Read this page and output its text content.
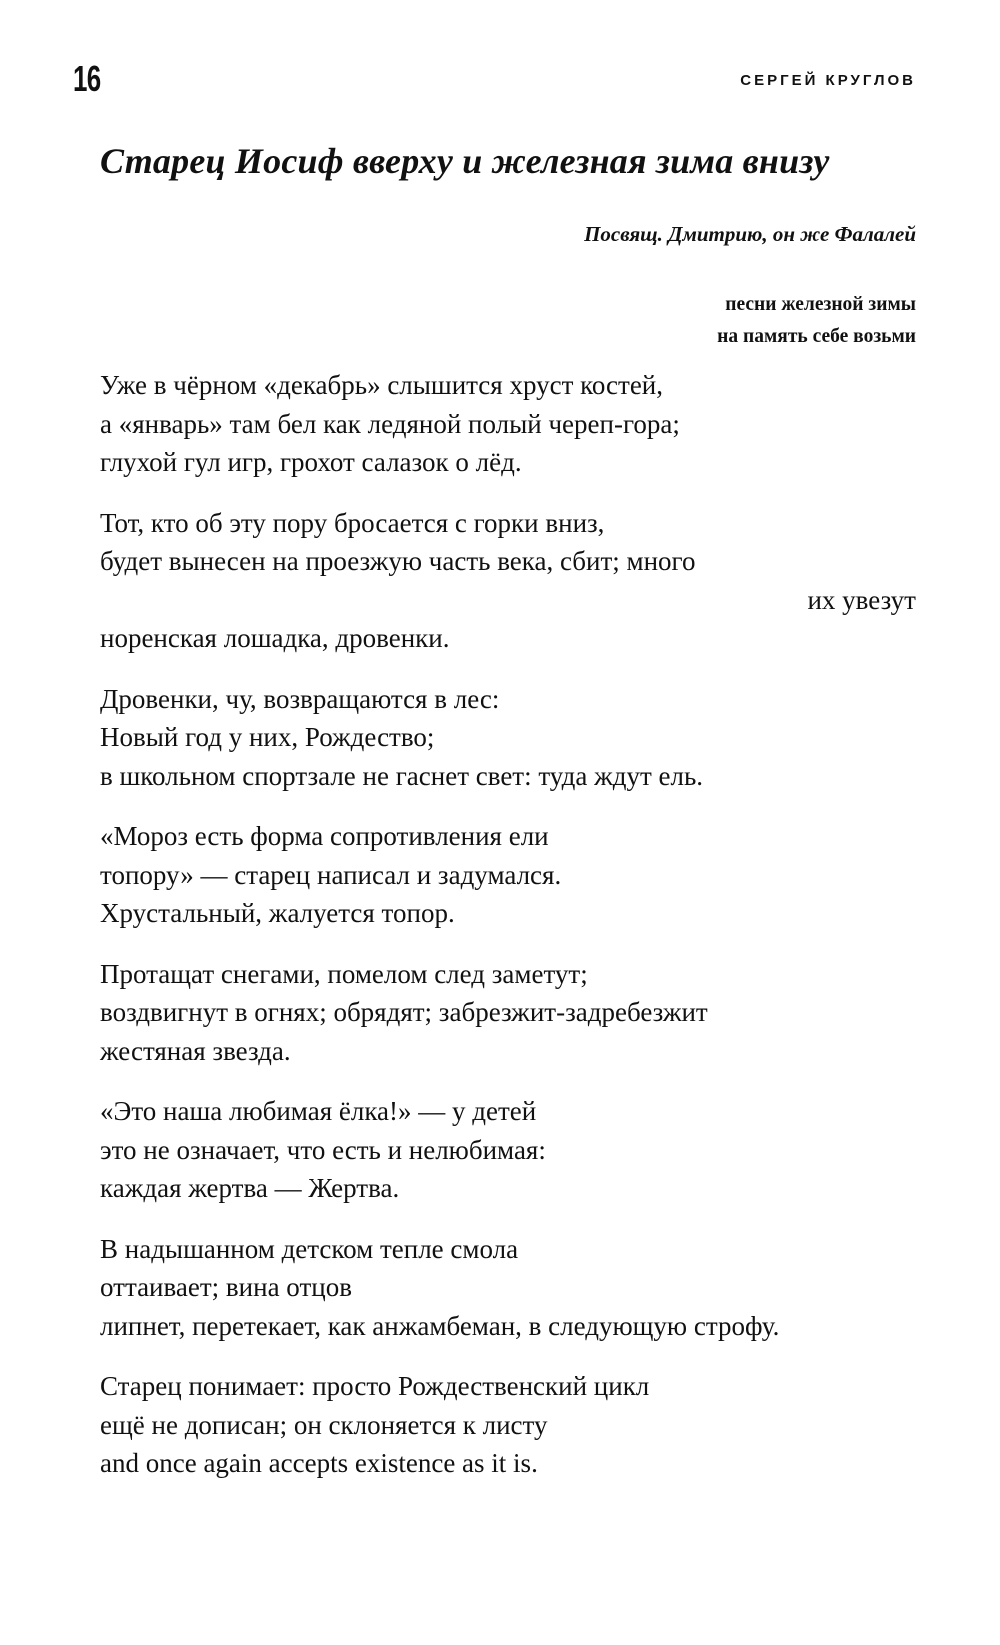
16	СЕРГЕЙ КРУГЛОВ
Старец Иосиф вверху и железная зима внизу
Посвящ. Дмитрию, он же Фалалей
песни железной зимы
на память себе возьми
Уже в чёрном «декабрь» слышится хруст костей,
а «январь» там бел как ледяной полый череп-гора;
глухой гул игр, грохот салазок о лёд.
Тот, кто об эту пору бросается с горки вниз,
будет вынесен на проезжую часть века, сбит; много
их увезут
норенская лошадка, дровенки.
Дровенки, чу, возвращаются в лес:
Новый год у них, Рождество;
в школьном спортзале не гаснет свет: туда ждут ель.
«Мороз есть форма сопротивления ели
топору» — старец написал и задумался.
Хрустальный, жалуется топор.
Протащат снегами, помелом след заметут;
воздвигнут в огнях; обрядят; забрезжит-задребезжит
жестяная звезда.
«Это наша любимая ёлка!» — у детей
это не означает, что есть и нелюбимая:
каждая жертва — Жертва.
В надышанном детском тепле смола
оттаивает; вина отцов
липнет, перетекает, как анжамбеман, в следующую строфу.
Старец понимает: просто Рождественский цикл
ещё не дописан; он склоняется к листу
and once again accepts existence as it is.
